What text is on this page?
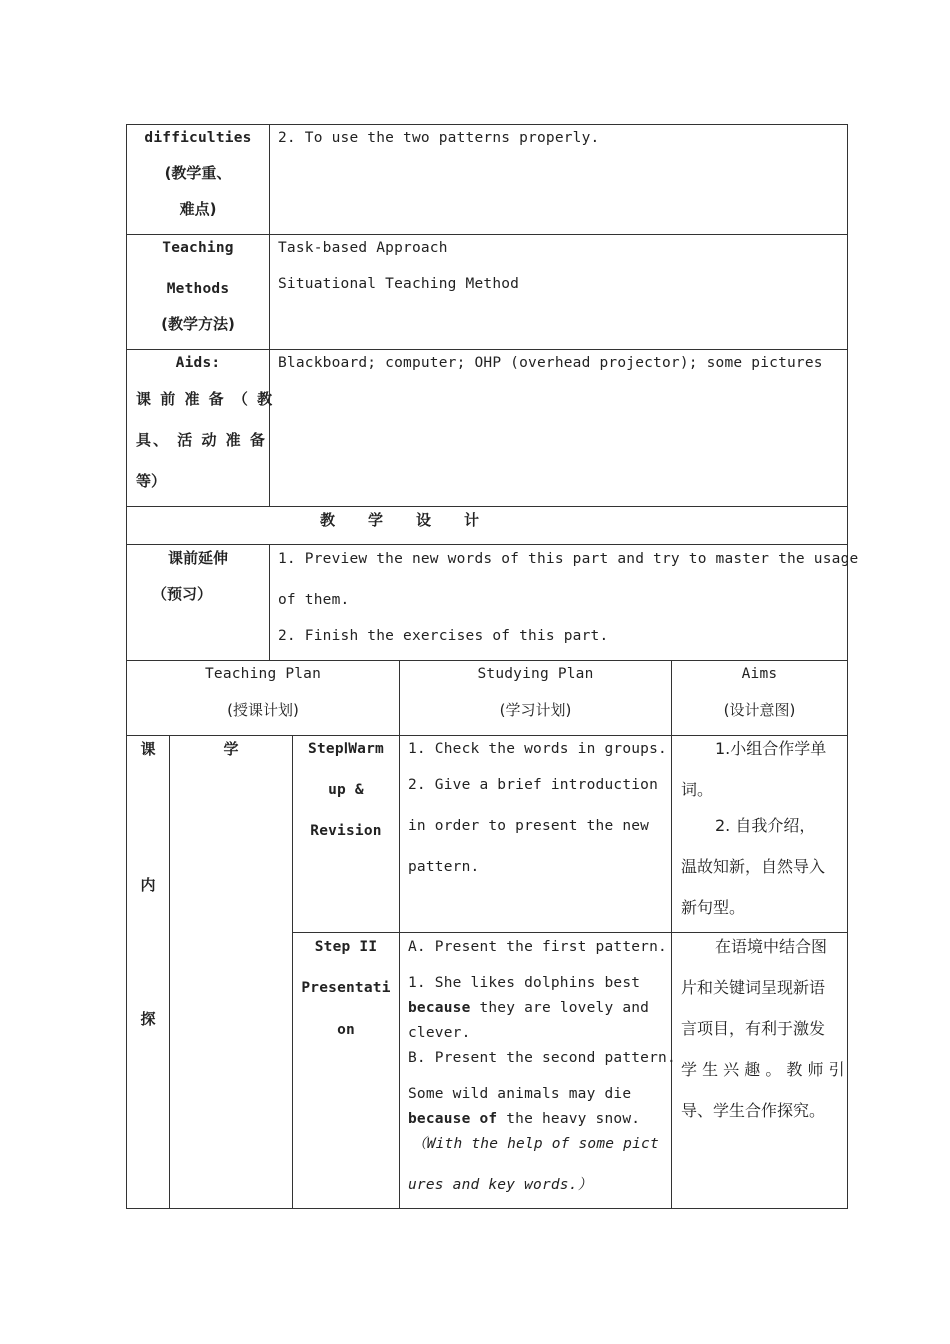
difficulties
(教学重、
难点)
2. To use the two patterns properly.
Teaching
Methods
(教学方法)
Task-based Approach
Situational Teaching Method
Aids:
课 前 准 备 （ 教
具、 活 动 准 备
等）
Blackboard; computer; OHP (overhead projector); some pictures
教　　学　　设　　计
课前延伸
（预习）
1. Preview the new words of this part and try to master the usage
of them.
2. Finish the exercises of this part.
Teaching Plan
(授课计划)
Studying Plan
(学习计划)
Aims
(设计意图)
课
内
探
学	StepⅠWarm
up &
Revision
1. Check the words in groups.
2. Give a brief introduction
in order to present the new
pattern.
1.小组合作学单
词。
2. 自我介绍，
温故知新，自然导入
新句型。
Step II
Presentati
on
A. Present the first pattern.
1. She likes dolphins best
because they are lovely and
clever.
B. Present the second pattern.
Some wild animals may die
because of the heavy snow.
（With the help of some pict
ures and key words.）
在语境中结合图
片和关键词呈现新语
言项目，有利于激发
学 生 兴 趣 。 教 师 引
导、学生合作探究。
